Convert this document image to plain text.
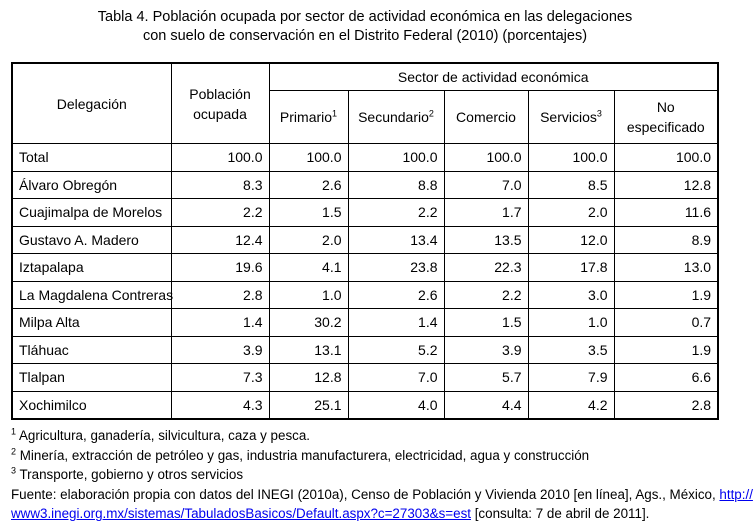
Tabla 4. Población ocupada por sector de actividad económica en las delegaciones
con suelo de conservación en el Distrito Federal (2010) (porcentajes)
Delegación	Población ocupada	Sector de actividad económica				
		Primario$^1$	Secundario$^2$	Comercio	Servicios$^3$	No especificado
Total	100.0	100.0	100.0	100.0	100.0	100.0
Álvaro Obregón	8.3	2.6	8.8	7.0	8.5	12.8
Cuajimalpa de Morelos	2.2	1.5	2.2	1.7	2.0	11.6
Gustavo A. Madero	12.4	2.0	13.4	13.5	12.0	8.9
Iztapalapa	19.6	4.1	23.8	22.3	17.8	13.0
La Magdalena Contreras	2.8	1.0	2.6	2.2	3.0	1.9
Milpa Alta	1.4	30.2	1.4	1.5	1.0	0.7
Tláhuac	3.9	13.1	5.2	3.9	3.5	1.9
Tlalpan	7.3	12.8	7.0	5.7	7.9	6.6
Xochimilco	4.3	25.1	4.0	4.4	4.2	2.8
$^1$ Agricultura, ganadería, silvicultura, caza y pesca.
$^2$ Minería, extracción de petróleo y gas, industria manufacturera, electricidad, agua y construcción
$^3$ Transporte, gobierno y otros servicios
Fuente: elaboración propia con datos del INEGI (2010a), Censo de Población y Vivienda 2010 [en línea], Ags., México, http://
www3.inegi.org.mx/sistemas/TabuladosBasicos/Default.aspx?c=27303&s=est [consulta: 7 de abril de 2011].
